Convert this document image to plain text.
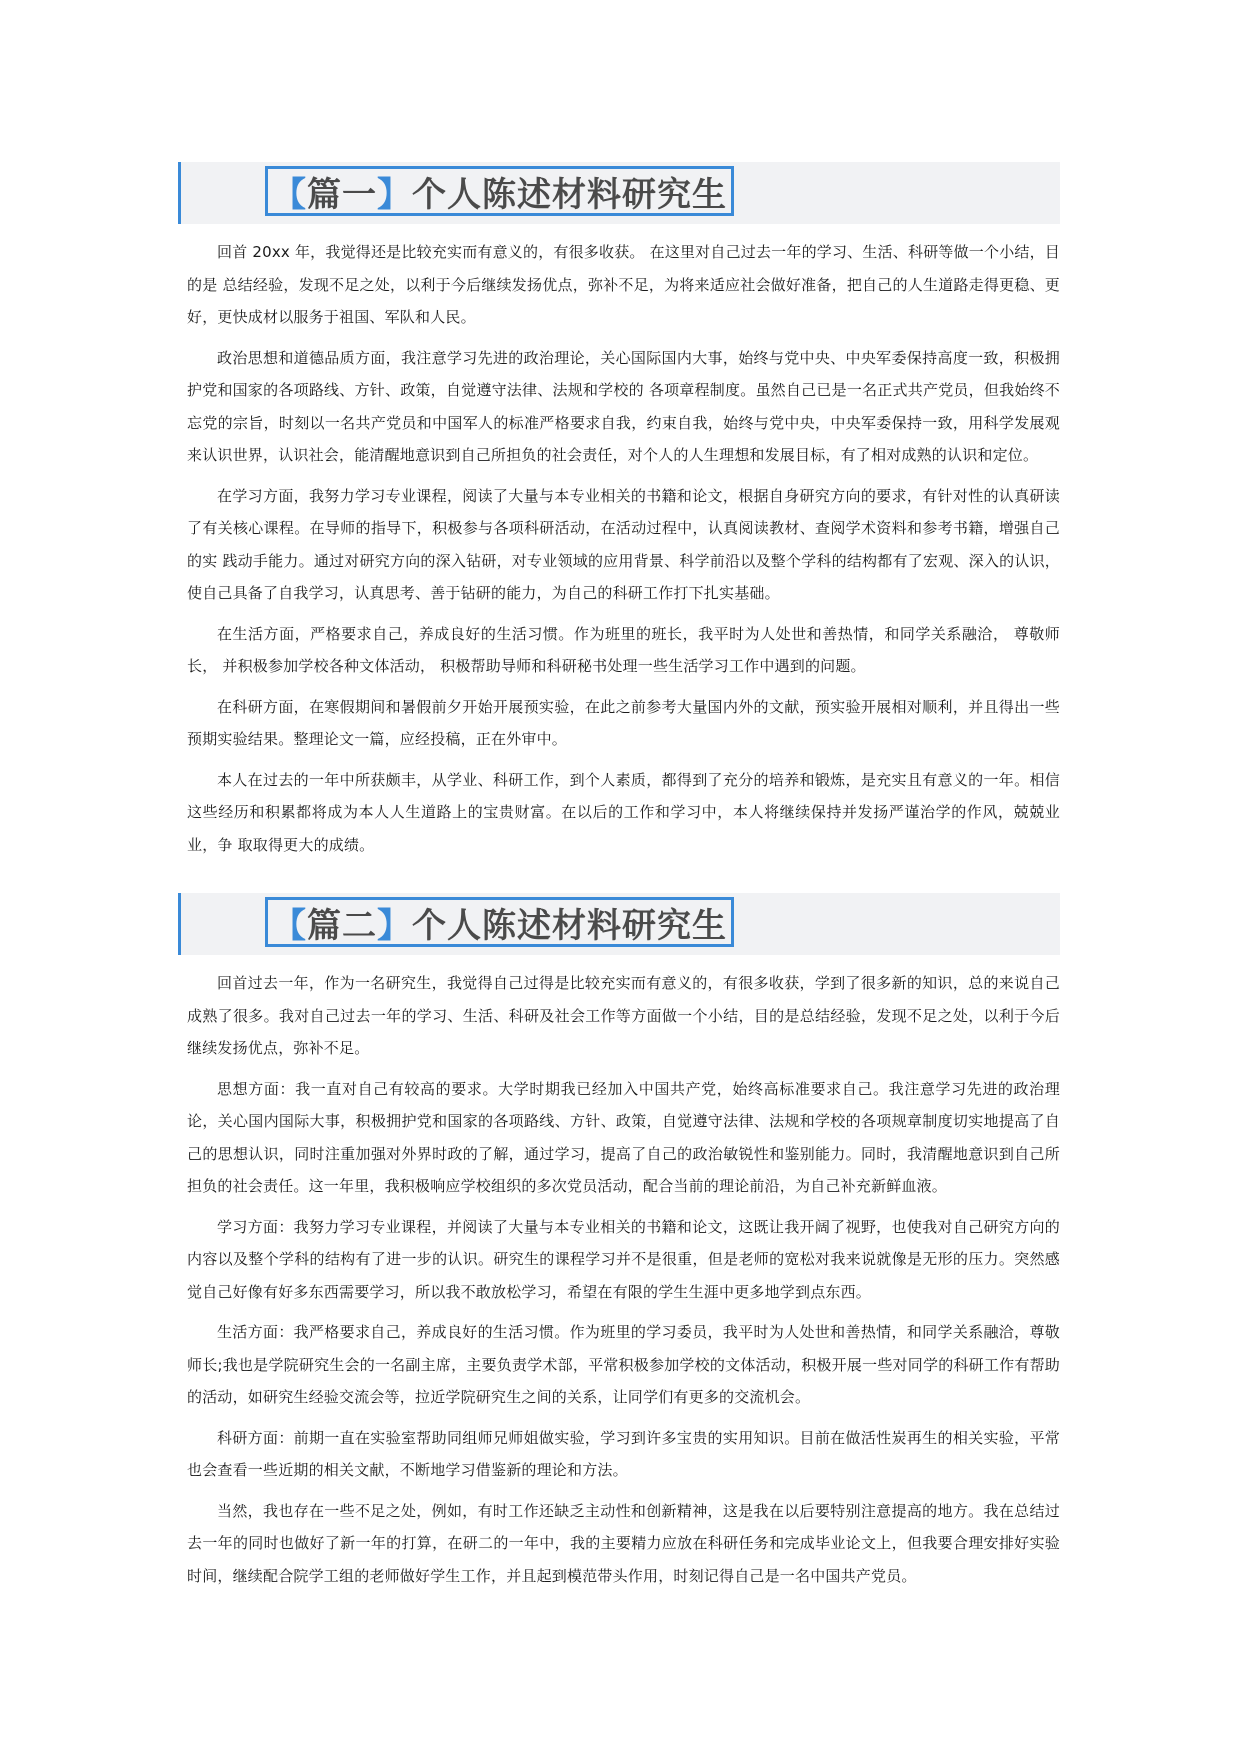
【篇一】个人陈述材料研究生

回首 20xx 年，我觉得还是比较充实而有意义的，有很多收获。 在这里对自己过去一年的学习、生活、科研等做一个小结，目的是 总结经验，发现不足之处，以利于今后继续发扬优点，弥补不足，为将来适应社会做好准备，把自己的人生道路走得更稳、更好，更快成材以服务于祖国、军队和人民。

政治思想和道德品质方面，我注意学习先进的政治理论，关心国际国内大事，始终与党中央、中央军委保持高度一致，积极拥护党和国家的各项路线、方针、政策，自觉遵守法律、法规和学校的 各项章程制度。虽然自己已是一名正式共产党员，但我始终不忘党的宗旨，时刻以一名共产党员和中国军人的标准严格要求自我，约束自我，始终与党中央，中央军委保持一致，用科学发展观来认识世界，认识社会，能清醒地意识到自己所担负的社会责任，对个人的人生理想和发展目标，有了相对成熟的认识和定位。

在学习方面，我努力学习专业课程，阅读了大量与本专业相关的书籍和论文，根据自身研究方向的要求，有针对性的认真研读了有关核心课程。在导师的指导下，积极参与各项科研活动，在活动过程中，认真阅读教材、查阅学术资料和参考书籍，增强自己的实 践动手能力。通过对研究方向的深入钻研，对专业领域的应用背景、科学前沿以及整个学科的结构都有了宏观、深入的认识，使自己具备了自我学习，认真思考、善于钻研的能力，为自己的科研工作打下扎实基础。

在生活方面，严格要求自己，养成良好的生活习惯。作为班里的班长，我平时为人处世和善热情，和同学关系融洽， 尊敬师长， 并积极参加学校各种文体活动， 积极帮助导师和科研秘书处理一些生活学习工作中遇到的问题。

在科研方面，在寒假期间和暑假前夕开始开展预实验，在此之前参考大量国内外的文献，预实验开展相对顺利，并且得出一些预期实验结果。整理论文一篇，应经投稿，正在外审中。

本人在过去的一年中所获颇丰，从学业、科研工作，到个人素质，都得到了充分的培养和锻炼，是充实且有意义的一年。相信这些经历和积累都将成为本人人生道路上的宝贵财富。在以后的工作和学习中，本人将继续保持并发扬严谨治学的作风，兢兢业业，争 取取得更大的成绩。

【篇二】个人陈述材料研究生

回首过去一年，作为一名研究生，我觉得自己过得是比较充实而有意义的，有很多收获，学到了很多新的知识，总的来说自己成熟了很多。我对自己过去一年的学习、生活、科研及社会工作等方面做一个小结，目的是总结经验，发现不足之处，以利于今后继续发扬优点，弥补不足。

思想方面：我一直对自己有较高的要求。大学时期我已经加入中国共产党，始终高标准要求自己。我注意学习先进的政治理论，关心国内国际大事，积极拥护党和国家的各项路线、方针、政策，自觉遵守法律、法规和学校的各项规章制度切实地提高了自己的思想认识，同时注重加强对外界时政的了解，通过学习，提高了自己的政治敏锐性和鉴别能力。同时，我清醒地意识到自己所担负的社会责任。这一年里，我积极响应学校组织的多次党员活动，配合当前的理论前沿，为自己补充新鲜血液。

学习方面：我努力学习专业课程，并阅读了大量与本专业相关的书籍和论文，这既让我开阔了视野，也使我对自己研究方向的内容以及整个学科的结构有了进一步的认识。研究生的课程学习并不是很重，但是老师的宽松对我来说就像是无形的压力。突然感觉自己好像有好多东西需要学习，所以我不敢放松学习，希望在有限的学生生涯中更多地学到点东西。

生活方面：我严格要求自己，养成良好的生活习惯。作为班里的学习委员，我平时为人处世和善热情，和同学关系融洽，尊敬师长;我也是学院研究生会的一名副主席，主要负责学术部，平常积极参加学校的文体活动，积极开展一些对同学的科研工作有帮助的活动，如研究生经验交流会等，拉近学院研究生之间的关系，让同学们有更多的交流机会。

科研方面：前期一直在实验室帮助同组师兄师姐做实验，学习到许多宝贵的实用知识。目前在做活性炭再生的相关实验，平常也会查看一些近期的相关文献，不断地学习借鉴新的理论和方法。

当然，我也存在一些不足之处，例如，有时工作还缺乏主动性和创新精神，这是我在以后要特别注意提高的地方。我在总结过去一年的同时也做好了新一年的打算，在研二的一年中，我的主要精力应放在科研任务和完成毕业论文上，但我要合理安排好实验时间，继续配合院学工组的老师做好学生工作，并且起到模范带头作用，时刻记得自己是一名中国共产党员。
